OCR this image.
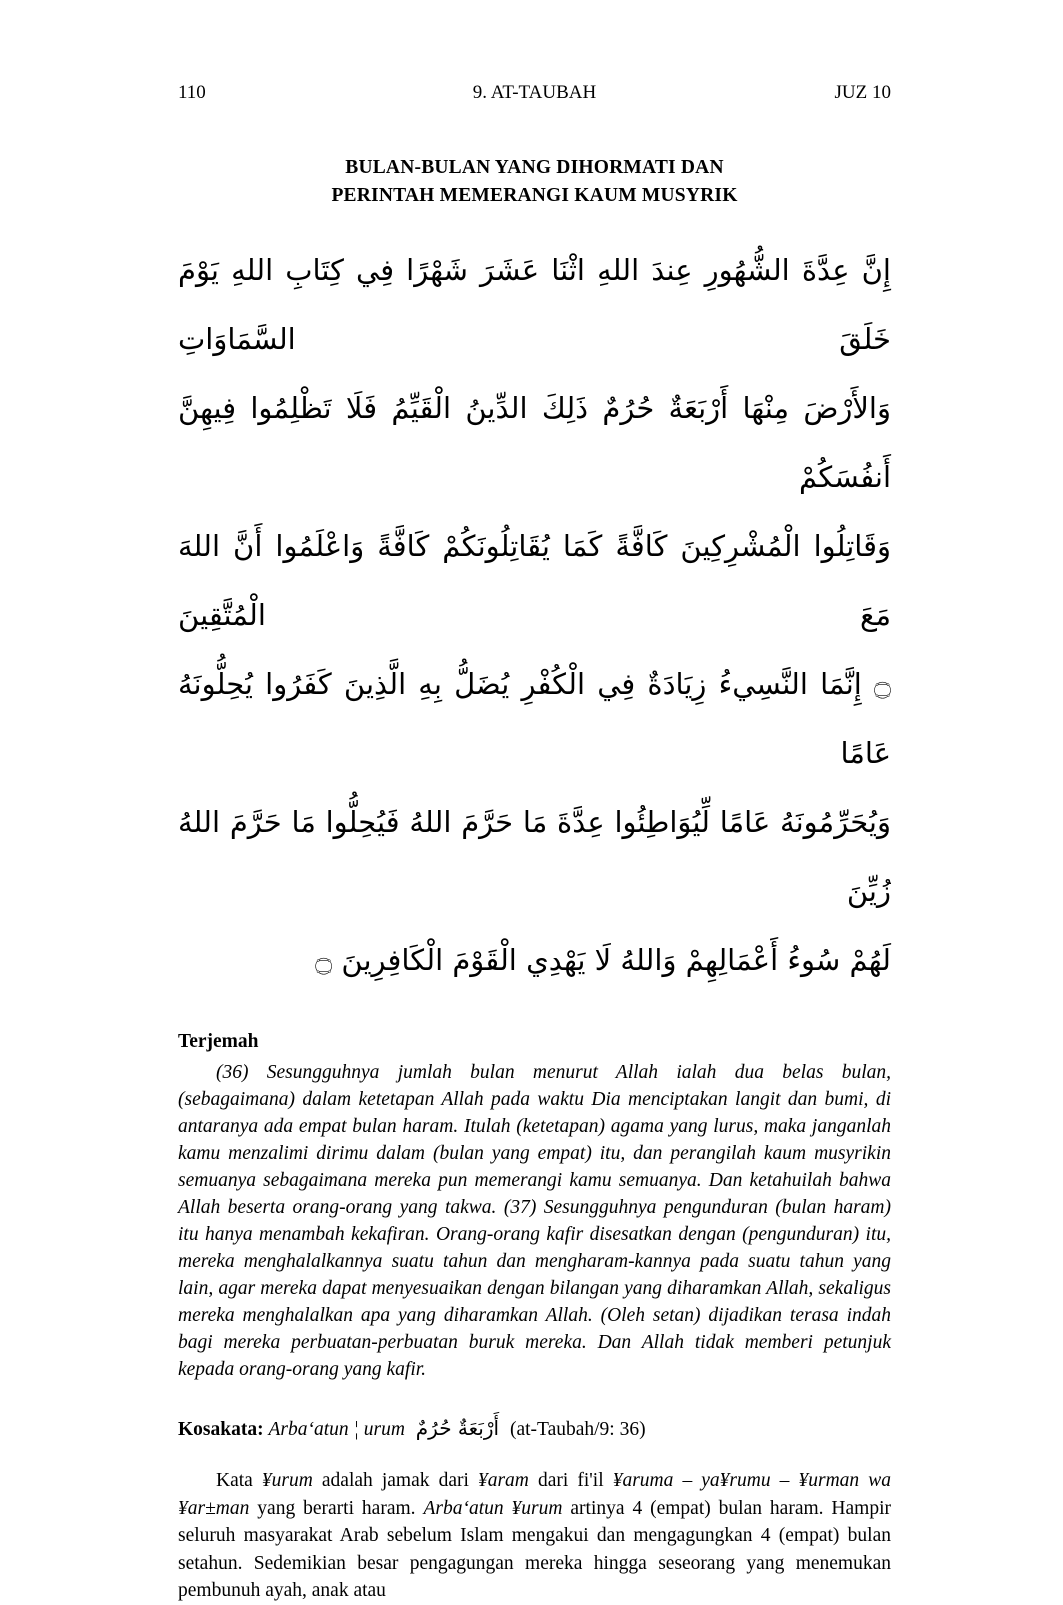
110	9. AT-TAUBAH	JUZ 10
BULAN-BULAN YANG DIHORMATI DAN
PERINTAH MEMERANGI KAUM MUSYRIK
إِنَّ عِدَّةَ الشُّهُورِ عِندَ اللهِ اثْنَا عَشَرَ شَهْرًا فِي كِتَابِ اللهِ يَوْمَ خَلَقَ السَّمَاوَاتِ
وَالأَرْضَ مِنْهَا أَرْبَعَةٌ حُرُمٌ ذَلِكَ الدِّينُ الْقَيِّمُ فَلَا تَظْلِمُوا فِيهِنَّ أَنفُسَكُمْ
وَقَاتِلُوا الْمُشْرِكِينَ كَافَّةً كَمَا يُقَاتِلُونَكُمْ كَافَّةً وَاعْلَمُوا أَنَّ اللهَ مَعَ الْمُتَّقِينَ
۝ إِنَّمَا النَّسِيءُ زِيَادَةٌ فِي الْكُفْرِ يُضَلُّ بِهِ الَّذِينَ كَفَرُوا يُحِلُّونَهُ عَامًا
وَيُحَرِّمُونَهُ عَامًا لِّيُوَاطِئُوا عِدَّةَ مَا حَرَّمَ اللهُ فَيُحِلُّوا مَا حَرَّمَ اللهُ زُيِّنَ
لَهُمْ سُوءُ أَعْمَالِهِمْ وَاللهُ لَا يَهْدِي الْقَوْمَ الْكَافِرِينَ ۝
Terjemah

(36) Sesungguhnya jumlah bulan menurut Allah ialah dua belas bulan, (sebagaimana) dalam ketetapan Allah pada waktu Dia menciptakan langit dan bumi, di antaranya ada empat bulan haram. Itulah (ketetapan) agama yang lurus, maka janganlah kamu menzalimi dirimu dalam (bulan yang empat) itu, dan perangilah kaum musyrikin semuanya sebagaimana mereka pun memerangi kamu semuanya. Dan ketahuilah bahwa Allah beserta orang-orang yang takwa. (37) Sesungguhnya pengunduran (bulan haram) itu hanya menambah kekafiran. Orang-orang kafir disesatkan dengan (pengunduran) itu, mereka menghalalkannya suatu tahun dan mengharam-kannya pada suatu tahun yang lain, agar mereka dapat menyesuaikan dengan bilangan yang diharamkan Allah, sekaligus mereka menghalalkan apa yang diharamkan Allah. (Oleh setan) dijadikan terasa indah bagi mereka perbuatan-perbuatan buruk mereka. Dan Allah tidak memberi petunjuk kepada orang-orang yang kafir.

Kosakata: Arba‘atun ¦ urum أَرْبَعَةٌ حُرُمٌ (at-Taubah/9: 36)

Kata ¥urum adalah jamak dari ¥aram dari fi'il ¥aruma – ya¥rumu – ¥urman wa ¥ar±man yang berarti haram. Arba‘atun ¥urum artinya 4 (empat) bulan haram. Hampir seluruh masyarakat Arab sebelum Islam mengakui dan mengagungkan 4 (empat) bulan setahun. Sedemikian besar pengagungan mereka hingga seseorang yang menemukan pembunuh ayah, anak atau
